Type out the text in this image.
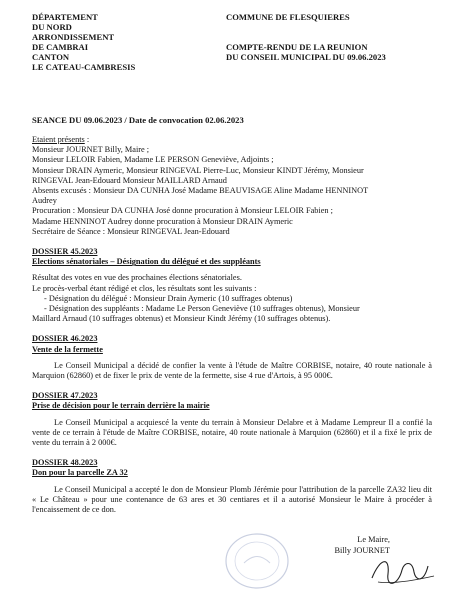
DÉPARTEMENT
DU NORD
ARRONDISSEMENT
DE CAMBRAI
CANTON
LE CATEAU-CAMBRESIS
COMMUNE DE FLESQUIERES
COMPTE-RENDU DE LA REUNION
DU CONSEIL MUNICIPAL DU 09.06.2023
SEANCE DU 09.06.2023 / Date de convocation 02.06.2023
Etaient présents :
Monsieur JOURNET Billy, Maire ;
Monsieur LELOIR Fabien, Madame LE PERSON Geneviève, Adjoints ;
Monsieur DRAIN Aymeric, Monsieur RINGEVAL Pierre-Luc, Monsieur KINDT Jérémy, Monsieur
RINGEVAL Jean-Edouard Monsieur MAILLARD Arnaud
Absents excusés : Monsieur DA CUNHA José Madame BEAUVISAGE Aline Madame HENNINOT
Audrey
Procuration : Monsieur DA CUNHA José donne procuration à Monsieur LELOIR Fabien ;
Madame HENNINOT Audrey donne procuration à Monsieur DRAIN Aymeric
Secrétaire de Séance : Monsieur RINGEVAL Jean-Edouard
DOSSIER 45.2023
Elections sénatoriales – Désignation du délégué et des suppléants
Résultat des votes en vue des prochaines élections sénatoriales.
Le procès-verbal étant rédigé et clos, les résultats sont les suivants :
- Désignation du délégué : Monsieur Drain Aymeric (10 suffrages obtenus)
- Désignation des suppléants : Madame Le Person Geneviève (10 suffrages obtenus), Monsieur
Maillard Arnaud (10 suffrages obtenus) et Monsieur Kindt Jérémy (10 suffrages obtenus).
DOSSIER 46.2023
Vente de la fermette
Le Conseil Municipal a décidé de confier la vente à l'étude de Maître CORBISE, notaire, 40 route nationale à Marquion (62860) et de fixer le prix de vente de la fermette, sise 4 rue d'Artois, à 95 000€.
DOSSIER 47.2023
Prise de décision pour le terrain derrière la mairie
Le Conseil Municipal a acquiescé la vente du terrain à Monsieur Delabre et à Madame Lempreur Il a confié la vente de ce terrain à l'étude de Maître CORBISE, notaire, 40 route nationale à Marquion (62860) et il a fixé le prix de vente du terrain à 2 000€.
DOSSIER 48.2023
Don pour la parcelle ZA 32
Le Conseil Municipal a accepté le don de Monsieur Plomb Jérémie pour l'attribution de la parcelle ZA32 lieu dit « Le Château » pour une contenance de 63 ares et 30 centiares et il a autorisé Monsieur le Maire à procéder à l'encaissement de ce don.
Le Maire,
Billy JOURNET
